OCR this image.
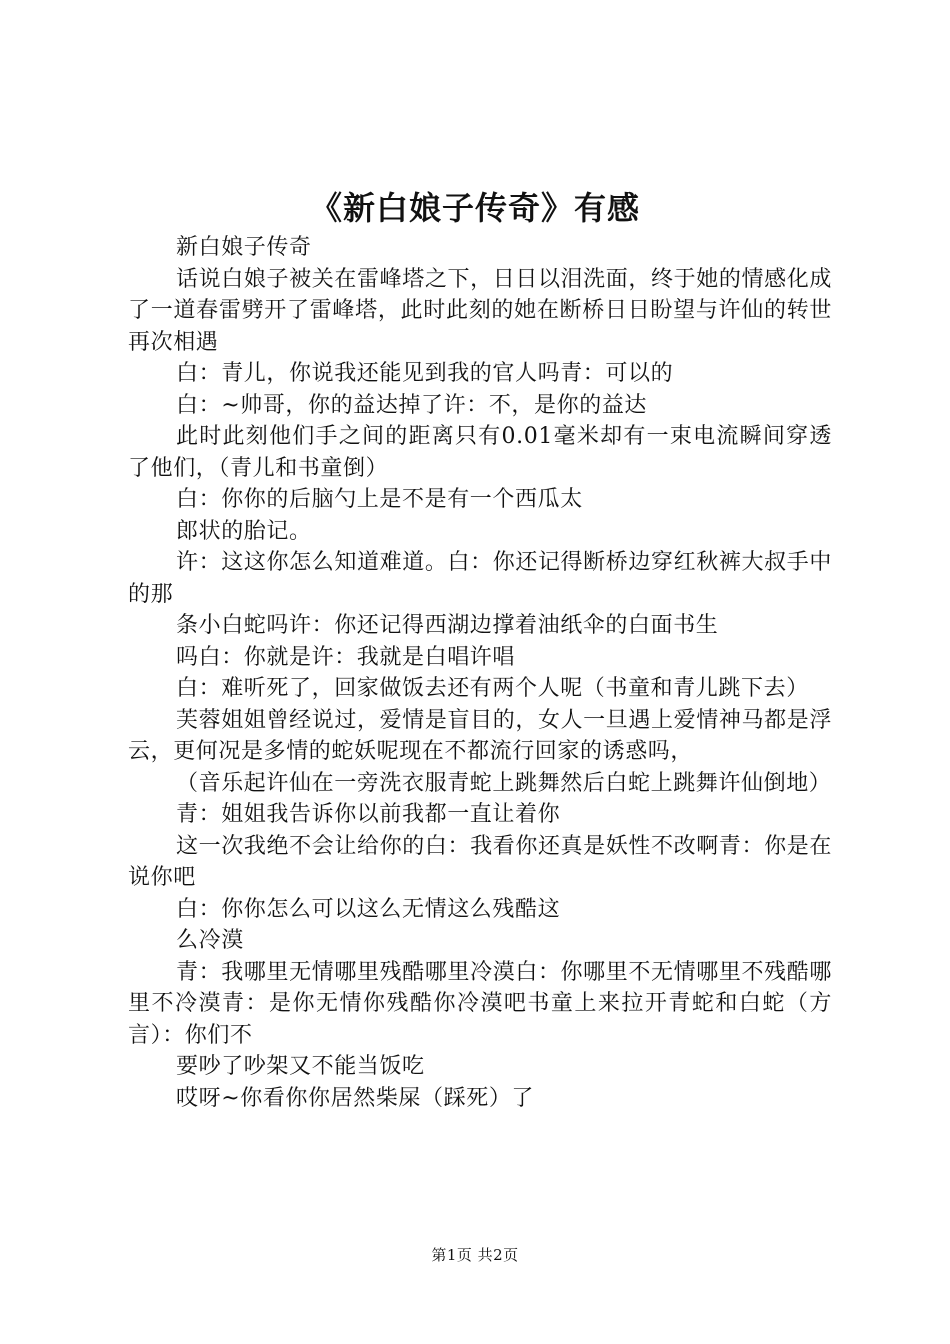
《新白娘子传奇》有感

新白娘子传奇

话说白娘子被关在雷峰塔之下，日日以泪洗面，终于她的情感化成了一道春雷劈开了雷峰塔，此时此刻的她在断桥日日盼望与许仙的转世再次相遇

白：青儿，你说我还能见到我的官人吗青：可以的

白：~帅哥，你的益达掉了许：不，是你的益达

此时此刻他们手之间的距离只有0.01毫米却有一束电流瞬间穿透了他们，（青儿和书童倒）

白：你你的后脑勺上是不是有一个西瓜太

郎状的胎记。

许：这这你怎么知道难道。白：你还记得断桥边穿红秋裤大叔手中的那

条小白蛇吗许：你还记得西湖边撑着油纸伞的白面书生

吗白：你就是许：我就是白唱许唱

白：难听死了，回家做饭去还有两个人呢（书童和青儿跳下去）

芙蓉姐姐曾经说过，爱情是盲目的，女人一旦遇上爱情神马都是浮云，更何况是多情的蛇妖呢现在不都流行回家的诱惑吗，

（音乐起许仙在一旁洗衣服青蛇上跳舞然后白蛇上跳舞许仙倒地）

青：姐姐我告诉你以前我都一直让着你

这一次我绝不会让给你的白：我看你还真是妖性不改啊青：你是在说你吧

白：你你怎么可以这么无情这么残酷这

么冷漠

青：我哪里无情哪里残酷哪里冷漠白：你哪里不无情哪里不残酷哪里不冷漠青：是你无情你残酷你冷漠吧书童上来拉开青蛇和白蛇（方言）：你们不

要吵了吵架又不能当饭吃

哎呀~你看你你居然柴屎（踩死）了

第1页 共2页
